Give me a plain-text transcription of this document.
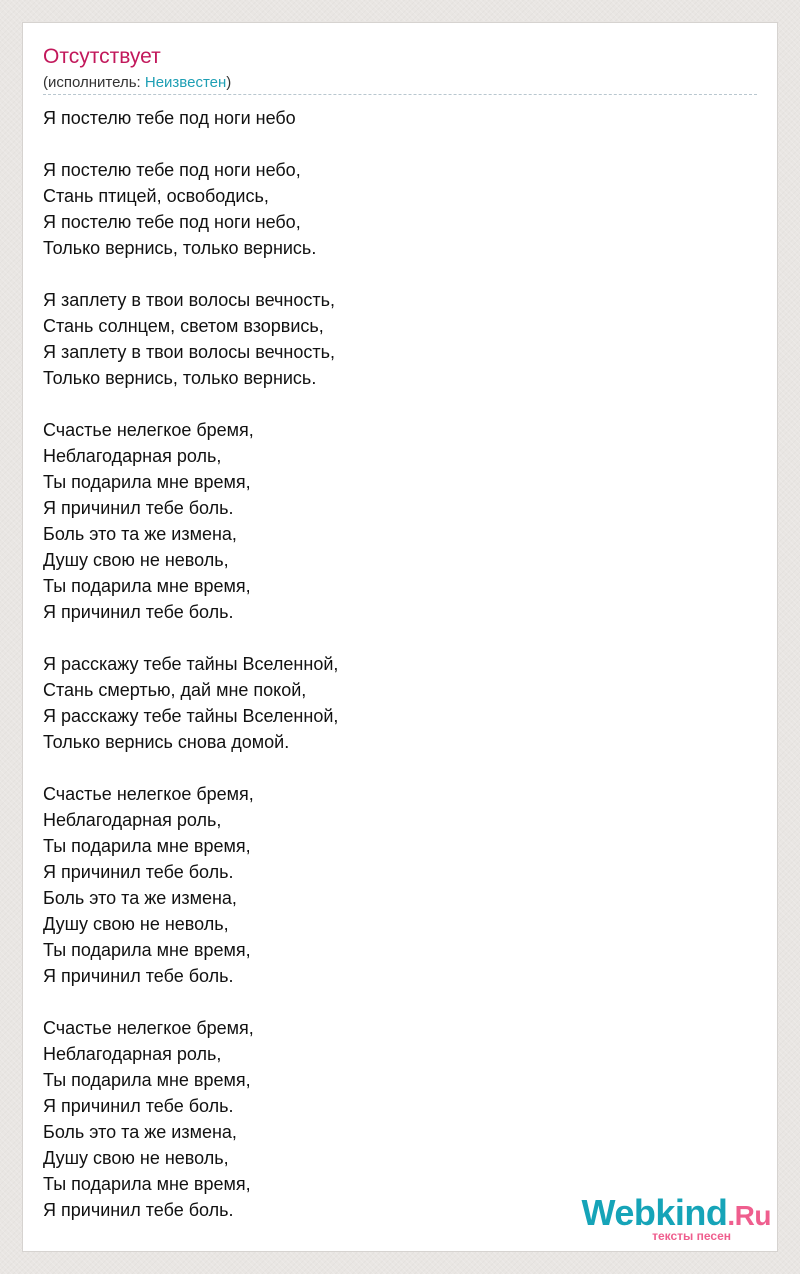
Отсутствует
(исполнитель: Неизвестен)
Я постелю тебе под ноги небо
Я постелю тебе под ноги небо,
Стань птицей, освободись,
Я постелю тебе под ноги небо,
Только вернись, только вернись.
Я заплету в твои волосы вечность,
Стань солнцем, светом взорвись,
Я заплету в твои волосы вечность,
Только вернись, только вернись.
Счастье нелегкое бремя,
Неблагодарная роль,
Ты подарила мне время,
Я причинил тебе боль.
Боль это та же измена,
Душу свою не неволь,
Ты подарила мне время,
Я причинил тебе боль.
Я расскажу тебе тайны Вселенной,
Стань смертью, дай мне покой,
Я расскажу тебе тайны Вселенной,
Только вернись снова домой.
Счастье нелегкое бремя,
Неблагодарная роль,
Ты подарила мне время,
Я причинил тебе боль.
Боль это та же измена,
Душу свою не неволь,
Ты подарила мне время,
Я причинил тебе боль.
Счастье нелегкое бремя,
Неблагодарная роль,
Ты подарила мне время,
Я причинил тебе боль.
Боль это та же измена,
Душу свою не неволь,
Ты подарила мне время,
Я причинил тебе боль.	Webkind.Ru
тексты песен
